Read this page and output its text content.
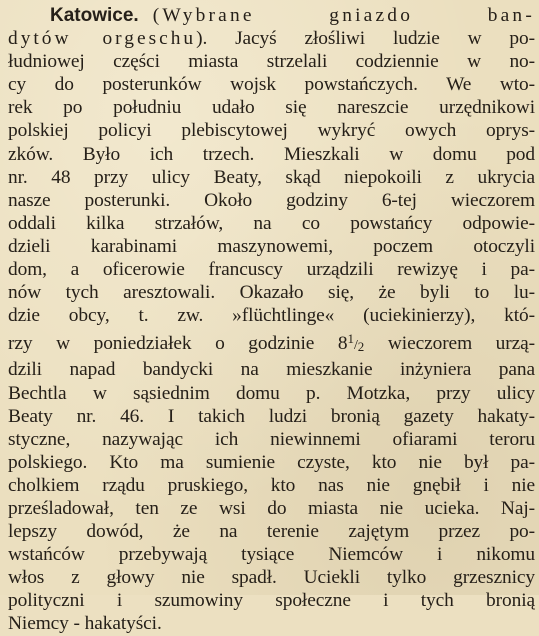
Katowice. (Wybrane gniazdo ban-
dytów orgeschu). Jacyś złośliwi ludzie w po-
łudniowej części miasta strzelali codziennie w no-
cy do posterunków wojsk powstańczych. We wto-
rek po południu udało się nareszcie urzędnikowi
polskiej policyi plebiscytowej wykryć owych oprys-
zków. Było ich trzech. Mieszkali w domu pod
nr. 48 przy ulicy Beaty, skąd niepokoili z ukrycia
nasze posterunki. Około godziny 6-tej wieczorem
oddali kilka strzałów, na co powstańcy odpowie-
dzieli karabinami maszynowemi, poczem otoczyli
dom, a oficerowie francuscy urządzili rewizyę i pa-
nów tych aresztowali. Okazało się, że byli to lu-
dzie obcy, t. zw. »flüchtlinge« (uciekinierzy), któ-
rzy w poniedziałek o godzinie $8^1/2$ wieczorem urzą-
dzili napad bandycki na mieszkanie inżyniera pana
Bechtla w sąsiednim domu p. Motzka, przy ulicy
Beaty nr. 46. I takich ludzi bronią gazety hakaty-
styczne, nazywając ich niewinnemi ofiarami teroru
polskiego. Kto ma sumienie czyste, kto nie był pa-
cholkiem rządu pruskiego, kto nas nie gnębił i nie
prześladował, ten ze wsi do miasta nie ucieka. Naj-
lepszy dowód, że na terenie zajętym przez po-
wstańców przebywają tysiące Niemców i nikomu
włos z głowy nie spadł. Uciekli tylko grzesznicy
polityczni i szumowiny społeczne i tych bronią
Niemcy - hakatyści.
